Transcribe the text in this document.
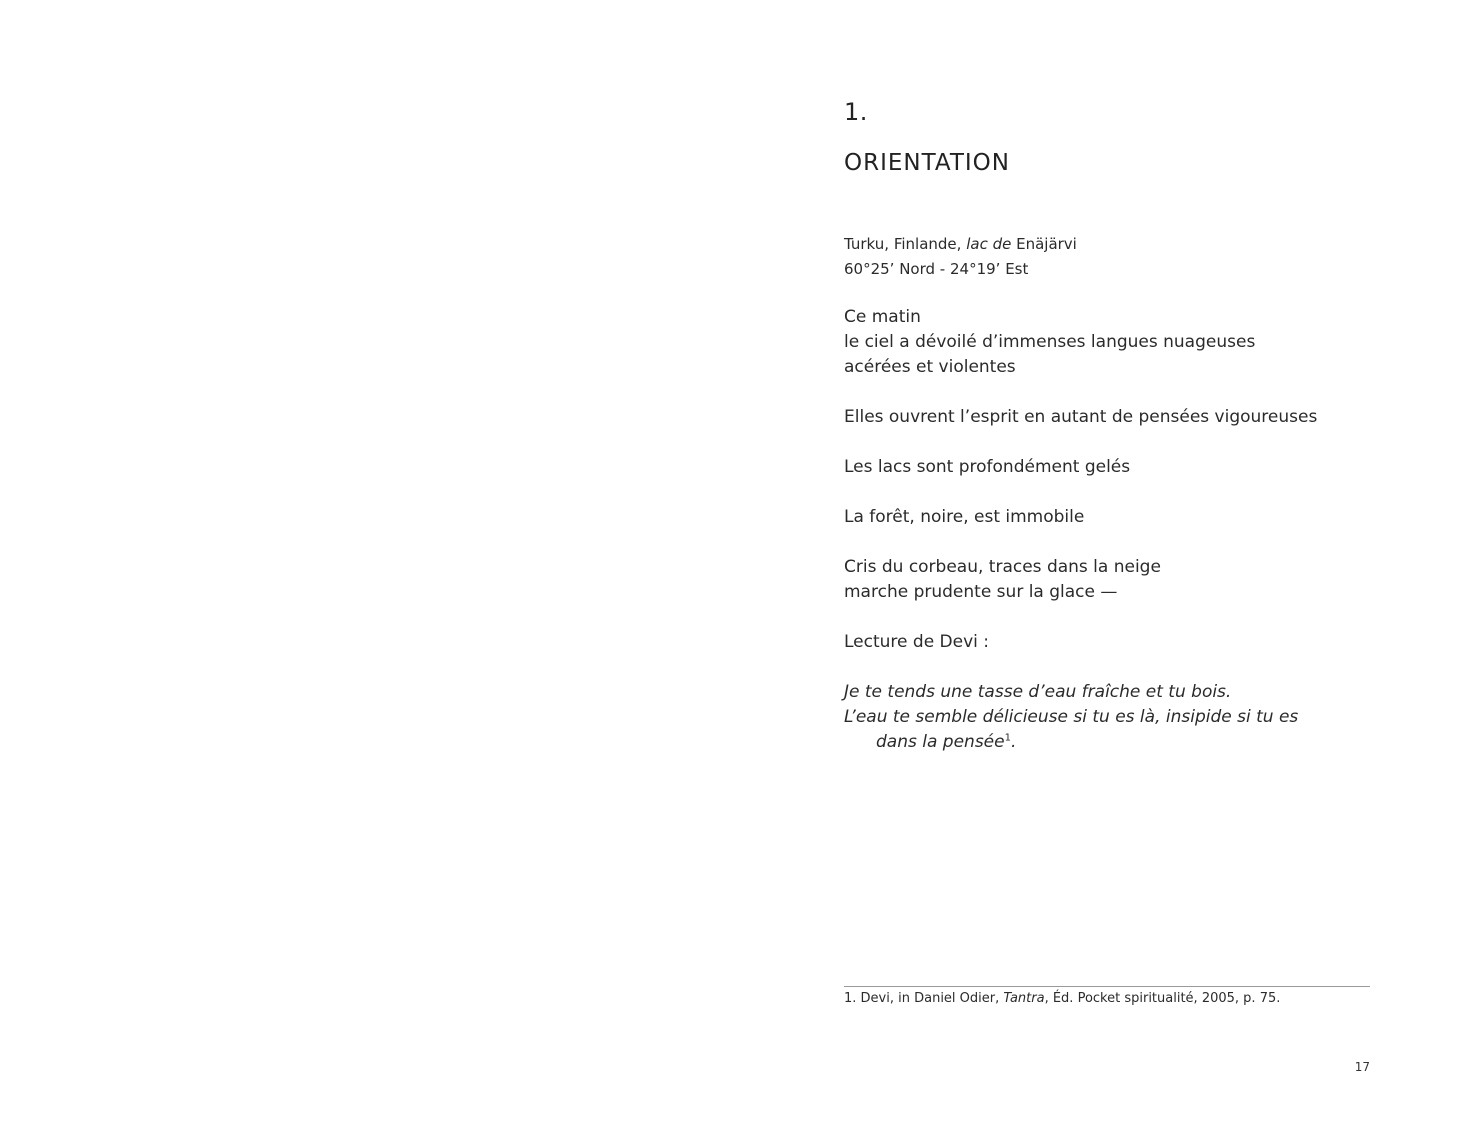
1.
ORIENTATION
Turku, Finlande, lac de Enäjärvi
60°25’ Nord - 24°19’ Est
Ce matin
le ciel a dévoilé d’immenses langues nuageuses
acérées et violentes
Elles ouvrent l’esprit en autant de pensées vigoureuses
Les lacs sont profondément gelés
La forêt, noire, est immobile
Cris du corbeau, traces dans la neige
marche prudente sur la glace —
Lecture de Devi :
Je te tends une tasse d’eau fraîche et tu bois.
L’eau te semble délicieuse si tu es là, insipide si tu es
dans la pensée$^1$.
1. Devi, in Daniel Odier, Tantra, Éd. Pocket spiritualité, 2005, p. 75.
17
